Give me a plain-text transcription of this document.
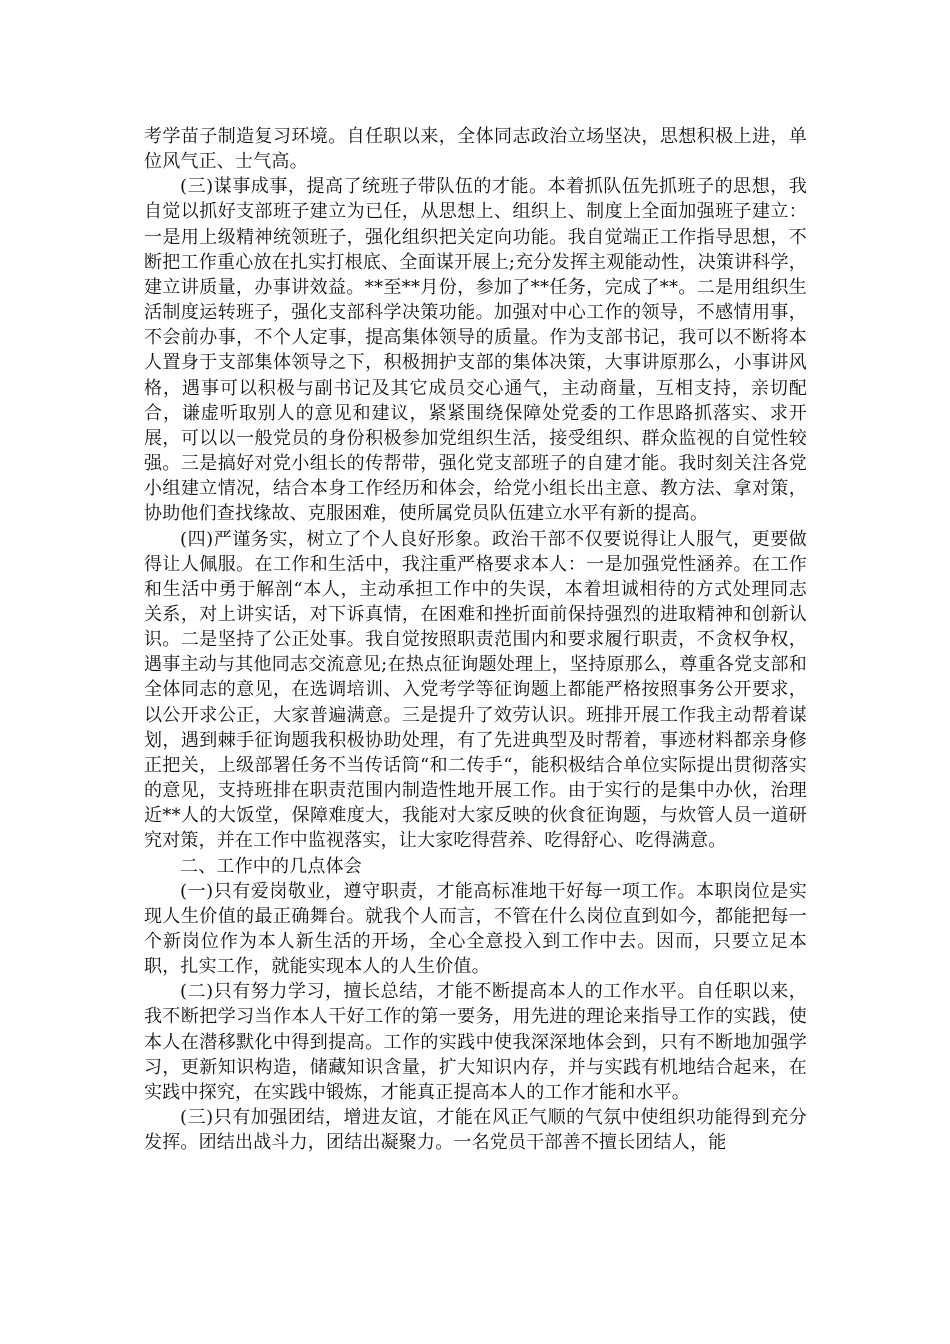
考学苗子制造复习环境。自任职以来，全体同志政治立场坚决，思想积极上进，单位风气正、士气高。

(三)谋事成事，提高了统班子带队伍的才能。本着抓队伍先抓班子的思想，我自觉以抓好支部班子建立为已任，从思想上、组织上、制度上全面加强班子建立：一是用上级精神统领班子，强化组织把关定向功能。我自觉端正工作指导思想，不断把工作重心放在扎实打根底、全面谋开展上;充分发挥主观能动性，决策讲科学，建立讲质量，办事讲效益。**至**月份，参加了**任务，完成了**。二是用组织生活制度运转班子，强化支部科学决策功能。加强对中心工作的领导，不感情用事，不会前办事，不个人定事，提高集体领导的质量。作为支部书记，我可以不断将本人置身于支部集体领导之下，积极拥护支部的集体决策，大事讲原那么，小事讲风格，遇事可以积极与副书记及其它成员交心通气，主动商量，互相支持，亲切配合，谦虚听取别人的意见和建议，紧紧围绕保障处党委的工作思路抓落实、求开展，可以以一般党员的身份积极参加党组织生活，接受组织、群众监视的自觉性较强。三是搞好对党小组长的传帮带，强化党支部班子的自建才能。我时刻关注各党小组建立情况，结合本身工作经历和体会，给党小组长出主意、教方法、拿对策，协助他们查找缘故、克服困难，使所属党员队伍建立水平有新的提高。

(四)严谨务实，树立了个人良好形象。政治干部不仅要说得让人服气，更要做得让人佩服。在工作和生活中，我注重严格要求本人：一是加强党性涵养。在工作和生活中勇于解剖“本人，主动承担工作中的失误，本着坦诚相待的方式处理同志关系，对上讲实话，对下诉真情，在困难和挫折面前保持强烈的进取精神和创新认识。二是坚持了公正处事。我自觉按照职责范围内和要求履行职责，不贪权争权，遇事主动与其他同志交流意见;在热点征询题处理上，坚持原那么，尊重各党支部和全体同志的意见，在选调培训、入党考学等征询题上都能严格按照事务公开要求，以公开求公正，大家普遍满意。三是提升了效劳认识。班排开展工作我主动帮着谋划，遇到棘手征询题我积极协助处理，有了先进典型及时帮着，事迹材料都亲身修正把关，上级部署任务不当传话筒“和二传手“，能积极结合单位实际提出贯彻落实的意见，支持班排在职责范围内制造性地开展工作。由于实行的是集中办伙，治理近**人的大饭堂，保障难度大，我能对大家反映的伙食征询题，与炊管人员一道研究对策，并在工作中监视落实，让大家吃得营养、吃得舒心、吃得满意。

二、工作中的几点体会

(一)只有爱岗敬业，遵守职责，才能高标准地干好每一项工作。本职岗位是实现人生价值的最正确舞台。就我个人而言，不管在什么岗位直到如今，都能把每一个新岗位作为本人新生活的开场，全心全意投入到工作中去。因而，只要立足本职，扎实工作，就能实现本人的人生价值。

(二)只有努力学习，擅长总结，才能不断提高本人的工作水平。自任职以来，我不断把学习当作本人干好工作的第一要务，用先进的理论来指导工作的实践，使本人在潜移默化中得到提高。工作的实践中使我深深地体会到，只有不断地加强学习，更新知识构造，储藏知识含量，扩大知识内存，并与实践有机地结合起来，在实践中探究，在实践中锻炼，才能真正提高本人的工作才能和水平。

(三)只有加强团结，增进友谊，才能在风正气顺的气氛中使组织功能得到充分发挥。团结出战斗力，团结出凝聚力。一名党员干部善不擅长团结人，能
